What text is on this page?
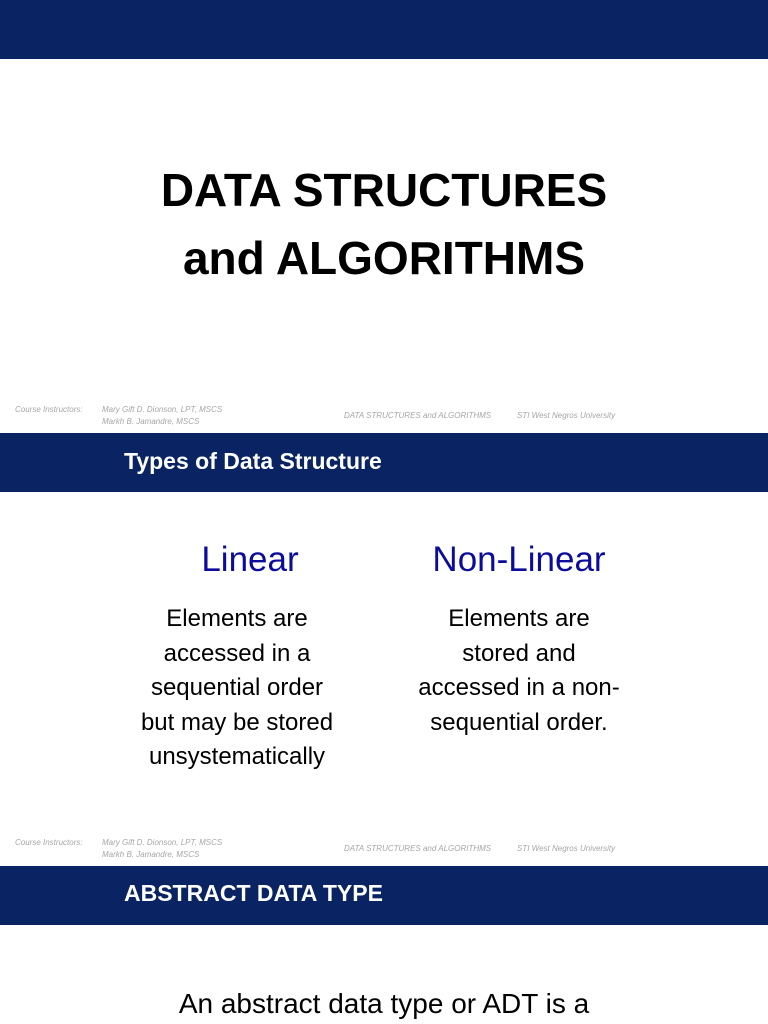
DATA STRUCTURES
and ALGORITHMS
Course Instructors: Mary Gift D. Dionson, LPT, MSCS
Markh B. Jamandre, MSCS
DATA STRUCTURES and ALGORITHMS	STI West Negros University
Types of Data Structure
Linear
Elements are
accessed in a
sequential order
but may be stored
unsystematically
Non-Linear
Elements are
stored and
accessed in a non-
sequential order.
Course Instructors: Mary Gift D. Dionson, LPT, MSCS
Markh B. Jamandre, MSCS
DATA STRUCTURES and ALGORITHMS	STI West Negros University
ABSTRACT DATA TYPE
An abstract data type or ADT is a
